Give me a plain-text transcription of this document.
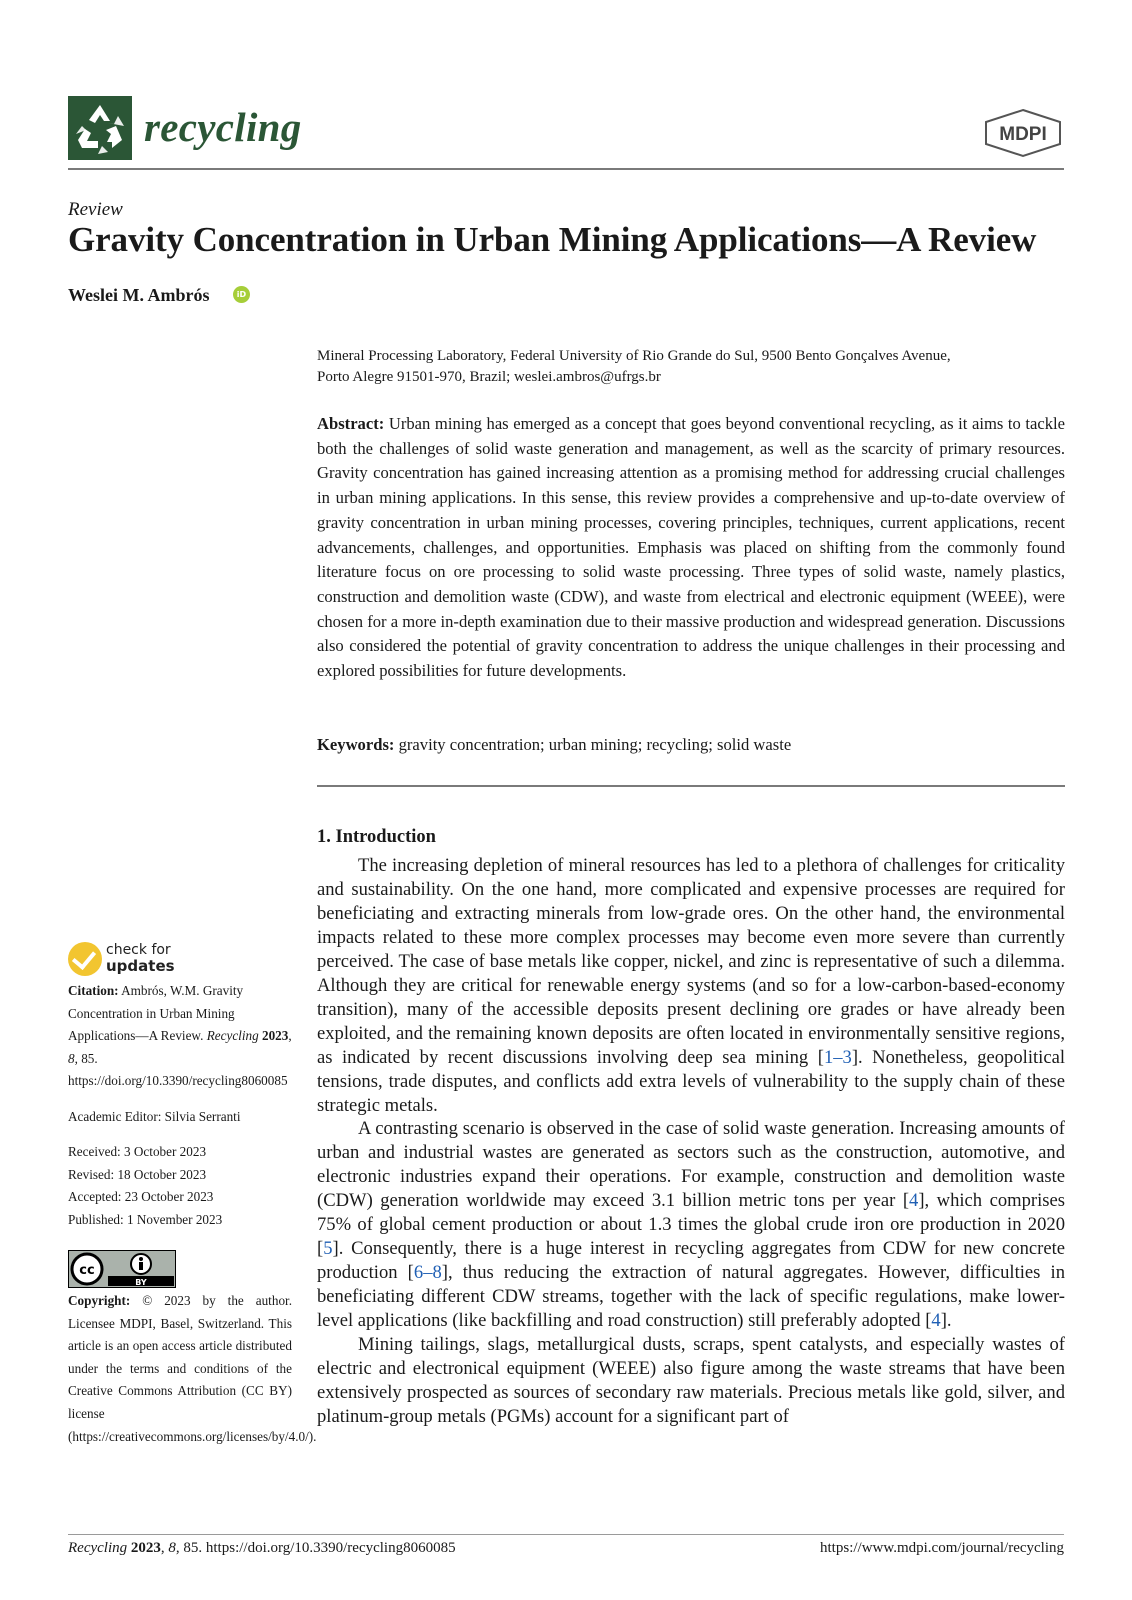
recycling	MDPI
Review
Gravity Concentration in Urban Mining Applications—A Review
Weslei M. Ambrós	iD
Mineral Processing Laboratory, Federal University of Rio Grande do Sul, 9500 Bento Gonçalves Avenue,
Porto Alegre 91501-970, Brazil; weslei.ambros@ufrgs.br
Abstract: Urban mining has emerged as a concept that goes beyond conventional recycling, as it aims to tackle both the challenges of solid waste generation and management, as well as the scarcity of primary resources. Gravity concentration has gained increasing attention as a promising method for addressing crucial challenges in urban mining applications. In this sense, this review provides a comprehensive and up-to-date overview of gravity concentration in urban mining processes, covering principles, techniques, current applications, recent advancements, challenges, and opportunities. Emphasis was placed on shifting from the commonly found literature focus on ore processing to solid waste processing. Three types of solid waste, namely plastics, construction and demolition waste (CDW), and waste from electrical and electronic equipment (WEEE), were chosen for a more in-depth examination due to their massive production and widespread generation. Discussions also considered the potential of gravity concentration to address the unique challenges in their processing and explored possibilities for future developments.
Keywords: gravity concentration; urban mining; recycling; solid waste
1. Introduction

The increasing depletion of mineral resources has led to a plethora of challenges for criticality and sustainability. On the one hand, more complicated and expensive processes are required for beneficiating and extracting minerals from low-grade ores. On the other hand, the environmental impacts related to these more complex processes may become even more severe than currently perceived. The case of base metals like copper, nickel, and zinc is representative of such a dilemma. Although they are critical for renewable energy systems (and so for a low-carbon-based-economy transition), many of the accessible deposits present declining ore grades or have already been exploited, and the remaining known deposits are often located in environmentally sensitive regions, as indicated by recent discussions involving deep sea mining [1–3]. Nonetheless, geopolitical tensions, trade disputes, and conflicts add extra levels of vulnerability to the supply chain of these strategic metals.

A contrasting scenario is observed in the case of solid waste generation. Increasing amounts of urban and industrial wastes are generated as sectors such as the construction, automotive, and electronic industries expand their operations. For example, construction and demolition waste (CDW) generation worldwide may exceed 3.1 billion metric tons per year [4], which comprises 75% of global cement production or about 1.3 times the global crude iron ore production in 2020 [5]. Consequently, there is a huge interest in recycling aggregates from CDW for new concrete production [6–8], thus reducing the extraction of natural aggregates. However, difficulties in beneficiating different CDW streams, together with the lack of specific regulations, make lower-level applications (like backfilling and road construction) still preferably adopted [4].

Mining tailings, slags, metallurgical dusts, scraps, spent catalysts, and especially wastes of electric and electronical equipment (WEEE) also figure among the waste streams that have been extensively prospected as sources of secondary raw materials. Precious metals like gold, silver, and platinum-group metals (PGMs) account for a significant part of

check for
updates
Citation: Ambrós, W.M. Gravity Concentration in Urban Mining Applications—A Review. Recycling 2023, 8, 85. https://doi.org/10.3390/recycling8060085
Academic Editor: Silvia Serranti
Received: 3 October 2023
Revised: 18 October 2023
Accepted: 23 October 2023
Published: 1 November 2023
cc
BY
Copyright: © 2023 by the author. Licensee MDPI, Basel, Switzerland. This article is an open access article distributed under the terms and conditions of the Creative Commons Attribution (CC BY) license (https://creativecommons.org/licenses/by/4.0/).
Recycling 2023, 8, 85. https://doi.org/10.3390/recycling8060085	https://www.mdpi.com/journal/recycling
